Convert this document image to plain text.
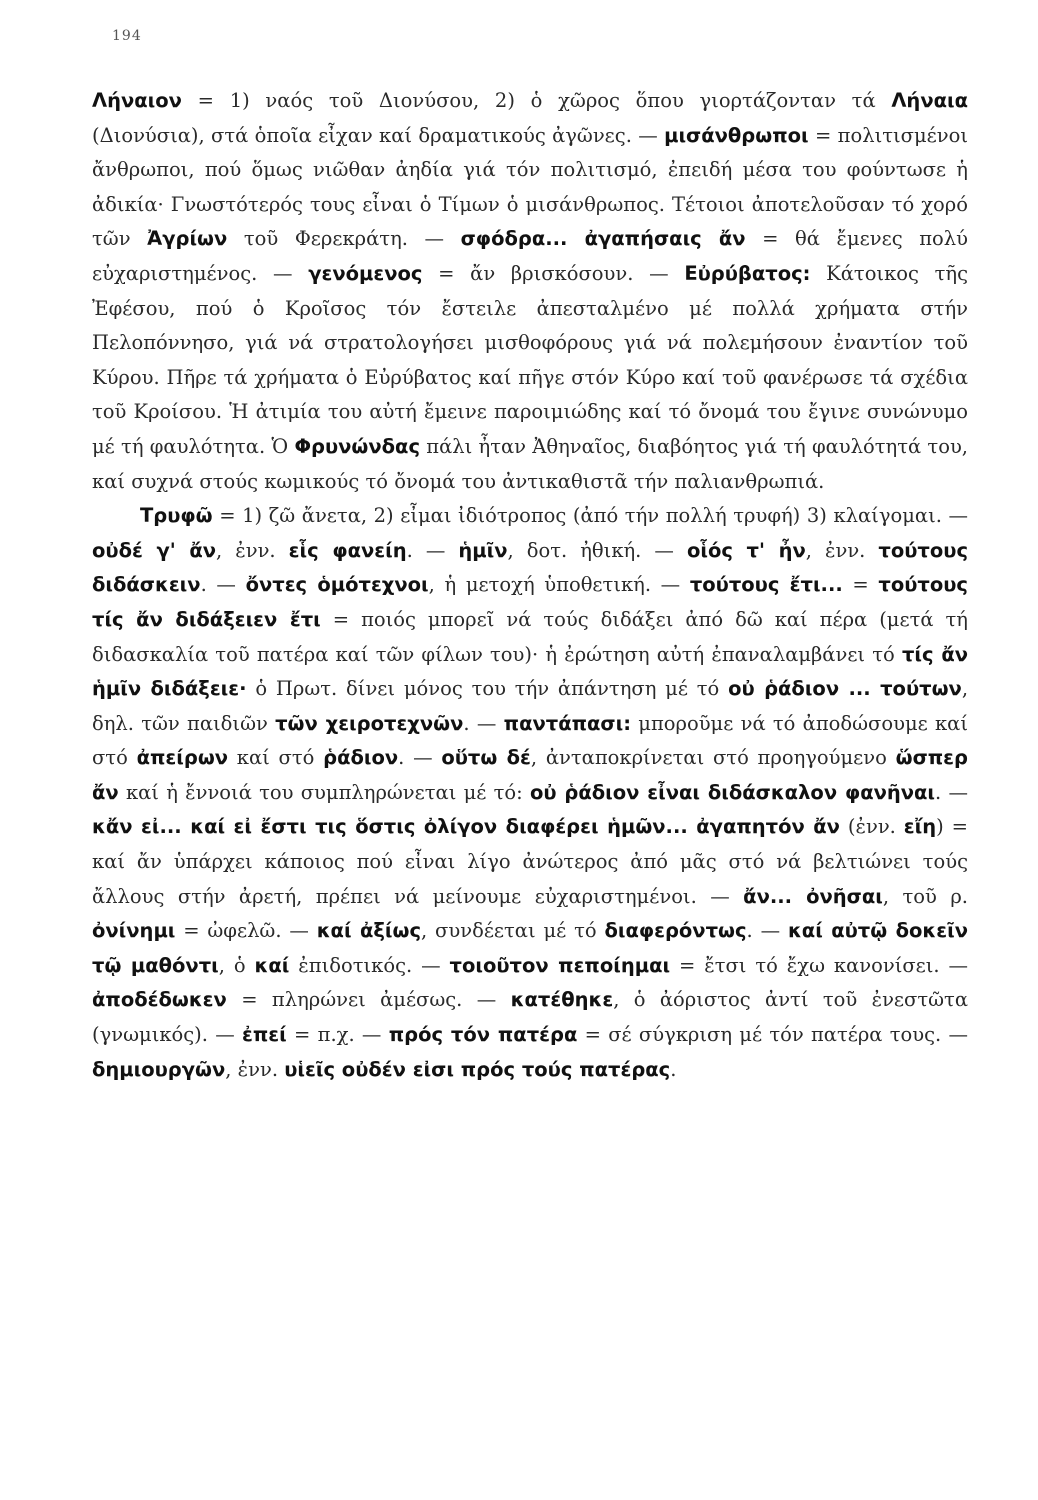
194

Λήναιον = 1) ναός τοῦ Διονύσου, 2) ὁ χῶρος ὅπου γιορτάζονταν τά Λήναια (Διονύσια), στά ὁποῖα εἶχαν καί δραματικούς ἀγῶνες. — μισάνθρωποι = πολιτισμένοι ἄνθρωποι, πού ὅμως νιῶθαν ἀηδία γιά τόν πολιτισμό, ἐπειδή μέσα του φούντωσε ἡ ἀδικία· Γνωστότερός τους εἶναι ὁ Τίμων ὁ μισάνθρωπος. Τέτοιοι ἀποτελοῦσαν τό χορό τῶν Ἀγρίων τοῦ Φερεκράτη. — σφόδρα... ἀγαπήσαις ἄν = θά ἔμενες πολύ εὐχαριστημένος. — γενόμενος = ἄν βρισκόσουν. — Εὐρύβατος: Κάτοικος τῆς Ἐφέσου, πού ὁ Κροῖσος τόν ἔστειλε ἀπεσταλμένο μέ πολλά χρήματα στήν Πελοπόννησο, γιά νά στρατολογήσει μισθοφόρους γιά νά πολεμήσουν ἐναντίον τοῦ Κύρου. Πῆρε τά χρήματα ὁ Εὐρύβατος καί πῆγε στόν Κύρο καί τοῦ φανέρωσε τά σχέδια τοῦ Κροίσου. Ἡ ἀτιμία του αὐτή ἔμεινε παροιμιώδης καί τό ὄνομά του ἔγινε συνώνυμο μέ τή φαυλότητα. Ὁ Φρυνώνδας πάλι ἦταν Ἀθηναῖος, διαβόητος γιά τή φαυλότητά του, καί συχνά στούς κωμικούς τό ὄνομά του ἀντικαθιστᾶ τήν παλιανθρωπιά.

Τρυφῶ = 1) ζῶ ἄνετα, 2) εἶμαι ἰδιότροπος (ἀπό τήν πολλή τρυφή) 3) κλαίγομαι. — οὐδέ γ' ἄν, ἐνν. εἷς φανείη. — ἡμῖν, δοτ. ἠθική. — οἷός τ' ἦν, ἐνν. τούτους διδάσκειν. — ὄντες ὁμότεχνοι, ἡ μετοχή ὑποθετική. — τούτους ἔτι... = τούτους τίς ἄν διδάξειεν ἔτι = ποιός μπορεῖ νά τούς διδάξει ἀπό δῶ καί πέρα (μετά τή διδασκαλία τοῦ πατέρα καί τῶν φίλων του)· ἡ ἐρώτηση αὐτή ἐπαναλαμβάνει τό τίς ἄν ἡμῖν διδάξειε· ὁ Πρωτ. δίνει μόνος του τήν ἀπάντηση μέ τό οὐ ῥάδιον ... τούτων, δηλ. τῶν παιδιῶν τῶν χειροτεχνῶν. — παντάπασι: μποροῦμε νά τό ἀποδώσουμε καί στό ἀπείρων καί στό ῥάδιον. — οὕτω δέ, ἀνταποκρίνεται στό προηγούμενο ὥσπερ ἄν καί ἡ ἔννοιά του συμπληρώνεται μέ τό: οὐ ῥάδιον εἶναι διδάσκαλον φανῆναι. — κἄν εἰ... καί εἰ ἔστι τις ὅστις ὀλίγον διαφέρει ἡμῶν... ἀγαπητόν ἄν (ἐνν. εἴη) = καί ἄν ὑπάρχει κάποιος πού εἶναι λίγο ἀνώτερος ἀπό μᾶς στό νά βελτιώνει τούς ἄλλους στήν ἀρετή, πρέπει νά μείνουμε εὐχαριστημένοι. — ἄν... ὀνῆσαι, τοῦ ρ. ὀνίνημι = ὠφελῶ. — καί ἀξίως, συνδέεται μέ τό διαφερόντως. — καί αὐτῷ δοκεῖν τῷ μαθόντι, ὁ καί ἐπιδοτικός. — τοιοῦτον πεποίημαι = ἔτσι τό ἔχω κανονίσει. — ἀποδέδωκεν = πληρώνει ἀμέσως. — κατέθηκε, ὁ ἀόριστος ἀντί τοῦ ἐνεστῶτα (γνωμικός). — ἐπεί = π.χ. — πρός τόν πατέρα = σέ σύγκριση μέ τόν πατέρα τους. — δημιουργῶν, ἐνν. υἱεῖς οὐδέν εἰσι πρός τούς πατέρας.
